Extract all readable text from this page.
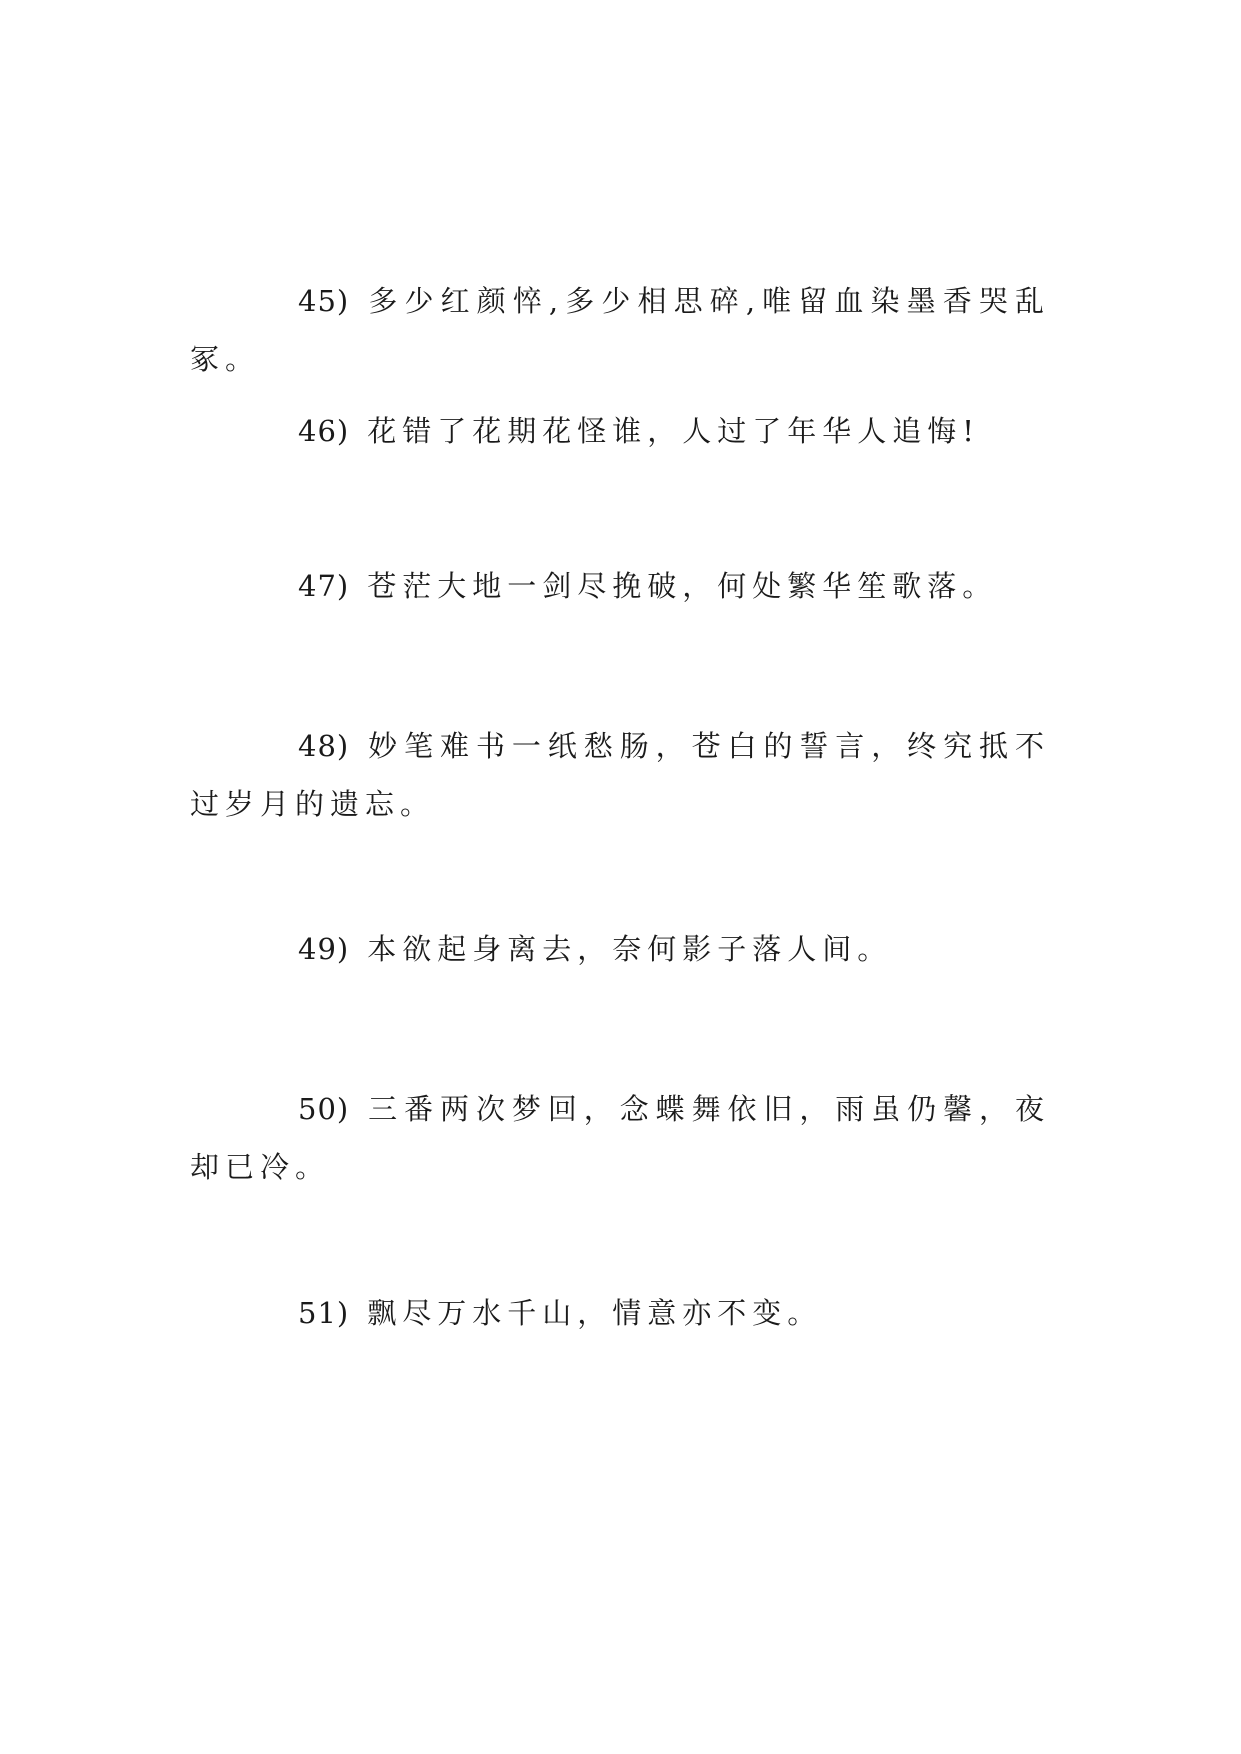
45) 多少红颜悴,多少相思碎,唯留血染墨香哭乱冢。

46) 花错了花期花怪谁，人过了年华人追悔!

47) 苍茫大地一剑尽挽破，何处繁华笙歌落。

48) 妙笔难书一纸愁肠，苍白的誓言，终究抵不过岁月的遗忘。

49) 本欲起身离去，奈何影子落人间。

50) 三番两次梦回，念蝶舞依旧，雨虽仍馨，夜却已冷。

51) 飘尽万水千山，情意亦不变。
